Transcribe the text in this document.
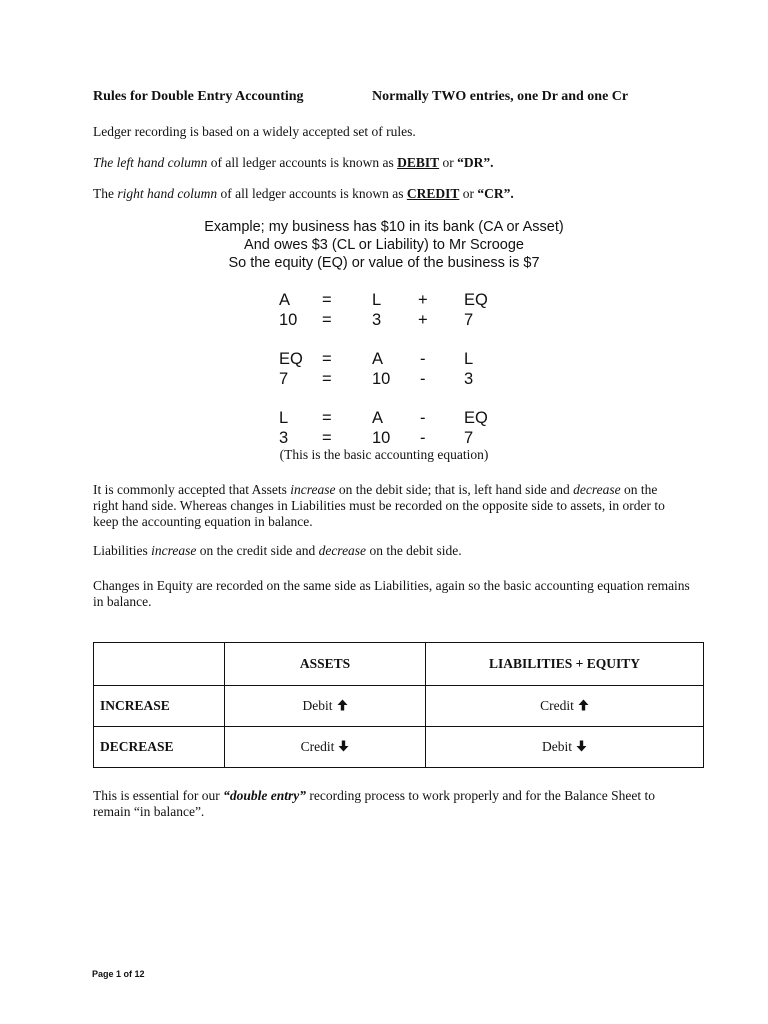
Rules for Double Entry Accounting	Normally TWO entries, one Dr and one Cr
Ledger recording is based on a widely accepted set of rules.
The left hand column of all ledger accounts is known as DEBIT or “DR”.
The right hand column of all ledger accounts is known as CREDIT or “CR”.
Example; my business has $10 in its bank (CA or Asset)
And owes $3 (CL or Liability) to Mr Scrooge
So the equity (EQ) or value of the business is $7
A = L + EQ
10 = 3 + 7
EQ = A - L
7 = 10 - 3
L = A - EQ
3 = 10 - 7
(This is the basic accounting equation)

It is commonly accepted that Assets increase on the debit side; that is, left hand side and decrease on the right hand side. Whereas changes in Liabilities must be recorded on the opposite side to assets, in order to keep the accounting equation in balance.

Liabilities increase on the credit side and decrease on the debit side.

Changes in Equity are recorded on the same side as Liabilities, again so the basic accounting equation remains in balance.

	ASSETS	LIABILITIES + EQUITY
INCREASE	Debit	Credit
DECREASE	Credit	Debit

This is essential for our “double entry” recording process to work properly and for the Balance Sheet to remain “in balance”.

Page 1 of 12
